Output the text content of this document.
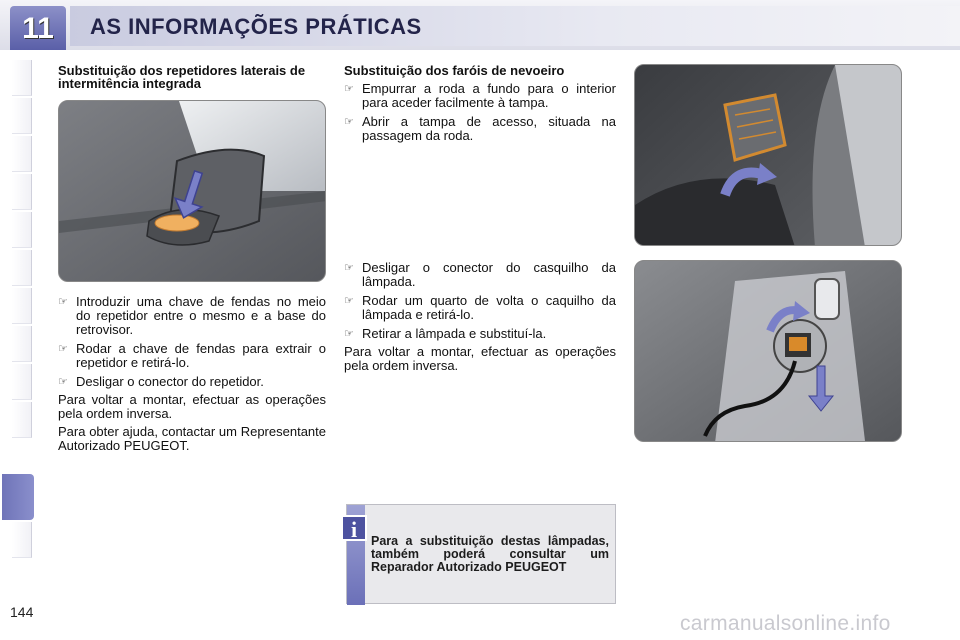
11	AS INFORMAÇÕES PRÁTICAS
Substituição dos repetidores laterais de intermitência integrada
☞ Introduzir uma chave de fendas no meio do repetidor entre o mesmo e a base do retrovisor.
☞ Rodar a chave de fendas para extrair o repetidor e retirá-lo.
☞ Desligar o conector do repetidor.
Para voltar a montar, efectuar as operações pela ordem inversa.
Para obter ajuda, contactar um Representante Autorizado PEUGEOT.
Substituição dos faróis de nevoeiro
☞ Empurrar a roda a fundo para o interior para aceder facilmente à tampa.
☞ Abrir a tampa de acesso, situada na passagem da roda.
☞ Desligar o conector do casquilho da lâmpada.
☞ Rodar um quarto de volta o caquilho da lâmpada e retirá-lo.
☞ Retirar a lâmpada e substituí-la.
Para voltar a montar, efectuar as operações pela ordem inversa.
i	Para a substituição destas lâmpadas, também poderá consultar um Reparador Autorizado PEUGEOT
144	carmanualsonline.info
